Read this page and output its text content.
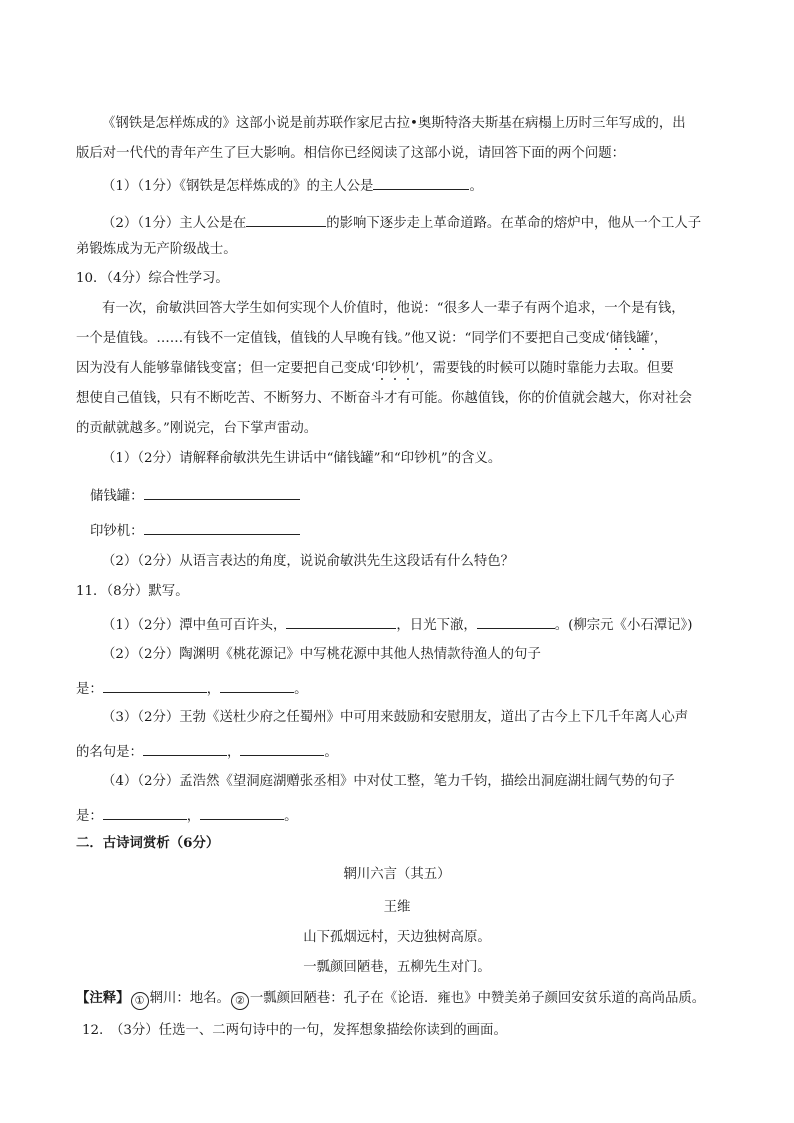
《钢铁是怎样炼成的》这部小说是前苏联作家尼古拉•奥斯特洛夫斯基在病榻上历时三年写成的，出
版后对一代代的青年产生了巨大影响。相信你已经阅读了这部小说，请回答下面的两个问题：
（1）（1分）《钢铁是怎样炼成的》的主人公是	。
（2）（1分）主人公是在	的影响下逐步走上革命道路。在革命的熔炉中，他从一个工人子
弟锻炼成为无产阶级战士。
10．（4分）综合性学习。
有一次，俞敏洪回答大学生如何实现个人价值时，他说：“很多人一辈子有两个追求，一个是有钱，
一个是值钱。……有钱不一定值钱，值钱的人早晚有钱。”他又说：“同学们不要把自己变成‘储钱罐’，
因为没有人能够靠储钱变富；但一定要把自己变成‘印钞机’，需要钱的时候可以随时靠能力去取。但要
想使自己值钱，只有不断吃苦、不断努力、不断奋斗才有可能。你越值钱，你的价值就会越大，你对社会
的贡献就越多。”刚说完，台下掌声雷动。
（1）（2分）请解释俞敏洪先生讲话中“储钱罐”和“印钞机”的含义。
储钱罐：
印钞机：
（2）（2分）从语言表达的角度，说说俞敏洪先生这段话有什么特色？
11．（8分）默写。
（1）（2分）潭中鱼可百许头，	，日光下澈，	。(柳宗元《小石潭记》)
（2）（2分）陶渊明《桃花源记》中写桃花源中其他人热情款待渔人的句子
是：	，	。
（3）（2分）王勃《送杜少府之任蜀州》中可用来鼓励和安慰朋友，道出了古今上下几千年离人心声
的名句是：	，	。
（4）（2分）孟浩然《望洞庭湖赠张丞相》中对仗工整，笔力千钧，描绘出洞庭湖壮阔气势的句子
是：	，	。
二．古诗词赏析（6分）
辋川六言（其五）
王维
山下孤烟远村，天边独树高原。
一瓢颜回陋巷，五柳先生对门。
【注释】 ① 辋川：地名。 ② 一瓢颜回陋巷：孔子在《论语．雍也》中赞美弟子颜回安贫乐道的高尚品质。
12.　（3分）任选一、二两句诗中的一句，发挥想象描绘你读到的画面。
